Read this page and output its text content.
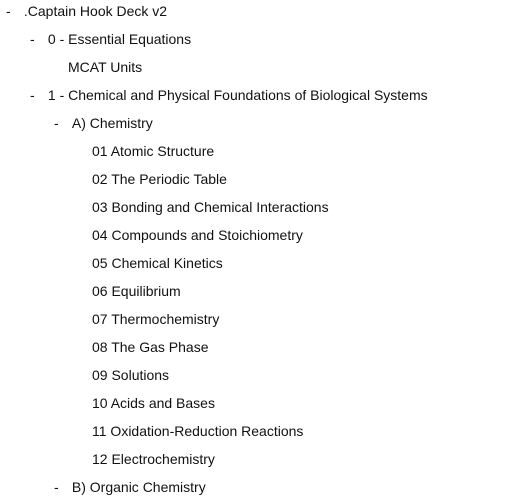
- .Captain Hook Deck v2
- 0 - Essential Equations
MCAT Units
- 1 - Chemical and Physical Foundations of Biological Systems
- A) Chemistry
01 Atomic Structure
02 The Periodic Table
03 Bonding and Chemical Interactions
04 Compounds and Stoichiometry
05 Chemical Kinetics
06 Equilibrium
07 Thermochemistry
08 The Gas Phase
09 Solutions
10 Acids and Bases
11 Oxidation-Reduction Reactions
12 Electrochemistry
- B) Organic Chemistry
